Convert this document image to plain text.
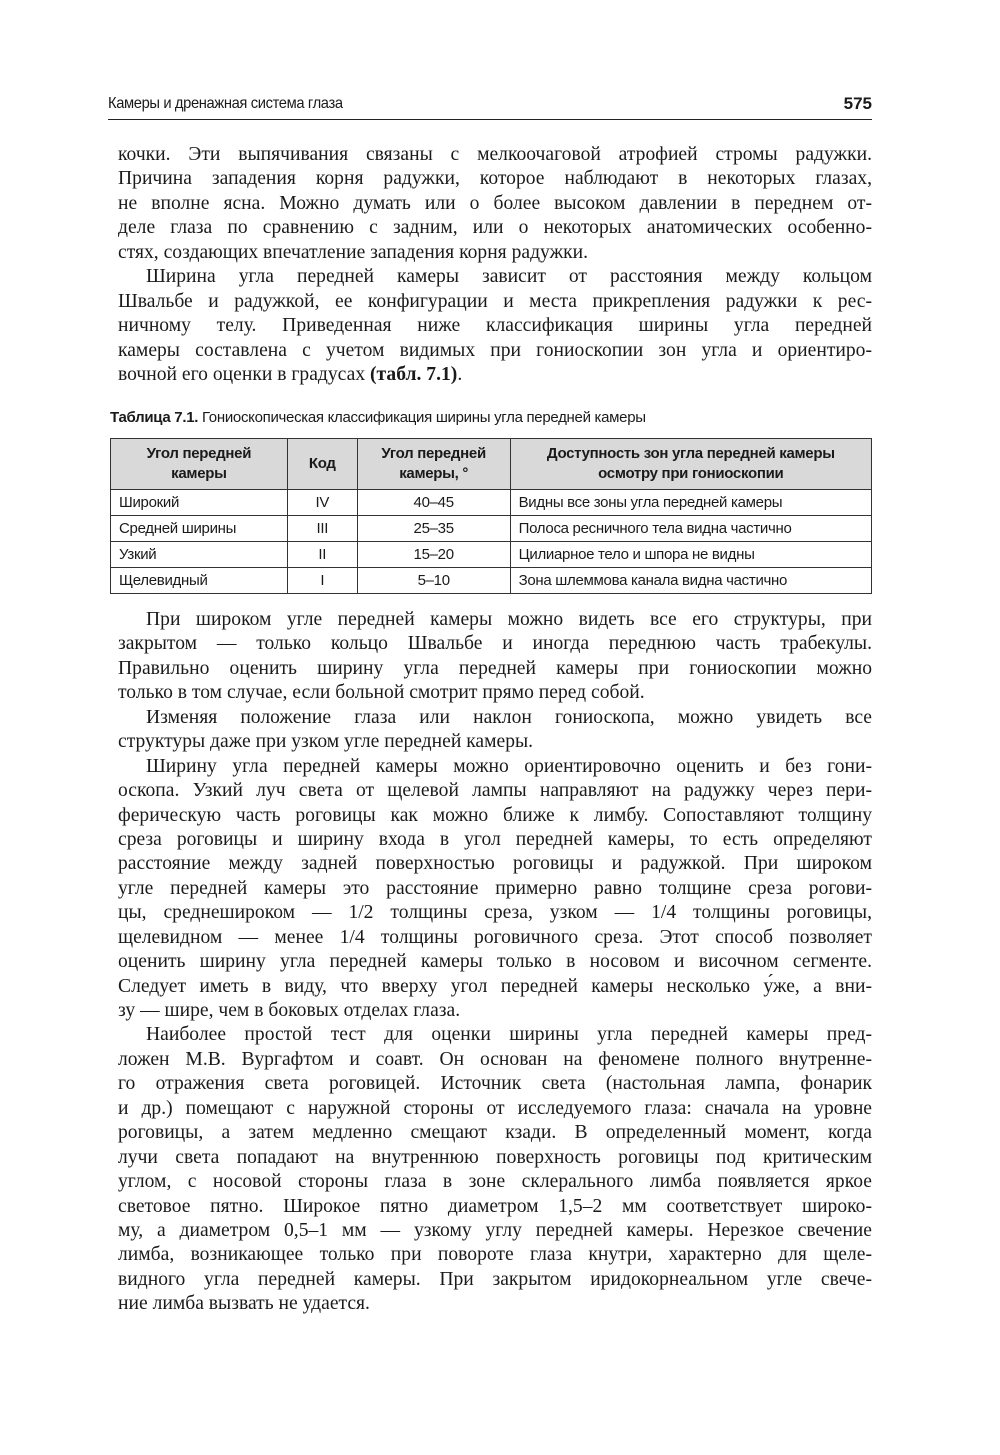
Камеры и дренажная система глаза	575
кочки. Эти выпячивания связаны с мелкоочаговой атрофией стромы радужки.
Причина западения корня радужки, которое наблюдают в некоторых глазах,
не вполне ясна. Можно думать или о более высоком давлении в переднем от-
деле глаза по сравнению с задним, или о некоторых анатомических особенно-
стях, создающих впечатление западения корня радужки.
Ширина угла передней камеры зависит от расстояния между кольцом
Швальбе и радужкой, ее конфигурации и места прикрепления радужки к рес-
ничному телу. Приведенная ниже классификация ширины угла передней
камеры составлена с учетом видимых при гониоскопии зон угла и ориентиро-
вочной его оценки в градусах (табл. 7.1).
Таблица 7.1. Гониоскопическая классификация ширины угла передней камеры
Угол передней камеры	Код	Угол передней камеры, °	Доступность зон угла передней камеры осмотру при гониоскопии
Широкий	IV	40–45	Видны все зоны угла передней камеры
Средней ширины	III	25–35	Полоса ресничного тела видна частично
Узкий	II	15–20	Цилиарное тело и шпора не видны
Щелевидный	I	5–10	Зона шлеммова канала видна частично
При широком угле передней камеры можно видеть все его структуры, при
закрытом — только кольцо Швальбе и иногда переднюю часть трабекулы.
Правильно оценить ширину угла передней камеры при гониоскопии можно
только в том случае, если больной смотрит прямо перед собой.
Изменяя положение глаза или наклон гониоскопа, можно увидеть все
структуры даже при узком угле передней камеры.
Ширину угла передней камеры можно ориентировочно оценить и без гони-
оскопа. Узкий луч света от щелевой лампы направляют на радужку через пери-
ферическую часть роговицы как можно ближе к лимбу. Сопоставляют толщину
среза роговицы и ширину входа в угол передней камеры, то есть определяют
расстояние между задней поверхностью роговицы и радужкой. При широком
угле передней камеры это расстояние примерно равно толщине среза рогови-
цы, среднешироком — 1/2 толщины среза, узком — 1/4 толщины роговицы,
щелевидном — менее 1/4 толщины роговичного среза. Этот способ позволяет
оценить ширину угла передней камеры только в носовом и височном сегменте.
Следует иметь в виду, что вверху угол передней камеры несколько у́же, а вни-
зу — шире, чем в боковых отделах глаза.
Наиболее простой тест для оценки ширины угла передней камеры пред-
ложен М.В. Вургафтом и соавт. Он основан на феномене полного внутренне-
го отражения света роговицей. Источник света (настольная лампа, фонарик
и др.) помещают с наружной стороны от исследуемого глаза: сначала на уровне
роговицы, а затем медленно смещают кзади. В определенный момент, когда
лучи света попадают на внутреннюю поверхность роговицы под критическим
углом, с носовой стороны глаза в зоне склерального лимба появляется яркое
световое пятно. Широкое пятно диаметром 1,5–2 мм соответствует широко-
му, а диаметром 0,5–1 мм — узкому углу передней камеры. Нерезкое свечение
лимба, возникающее только при повороте глаза кнутри, характерно для щеле-
видного угла передней камеры. При закрытом иридокорнеальном угле свече-
ние лимба вызвать не удается.
